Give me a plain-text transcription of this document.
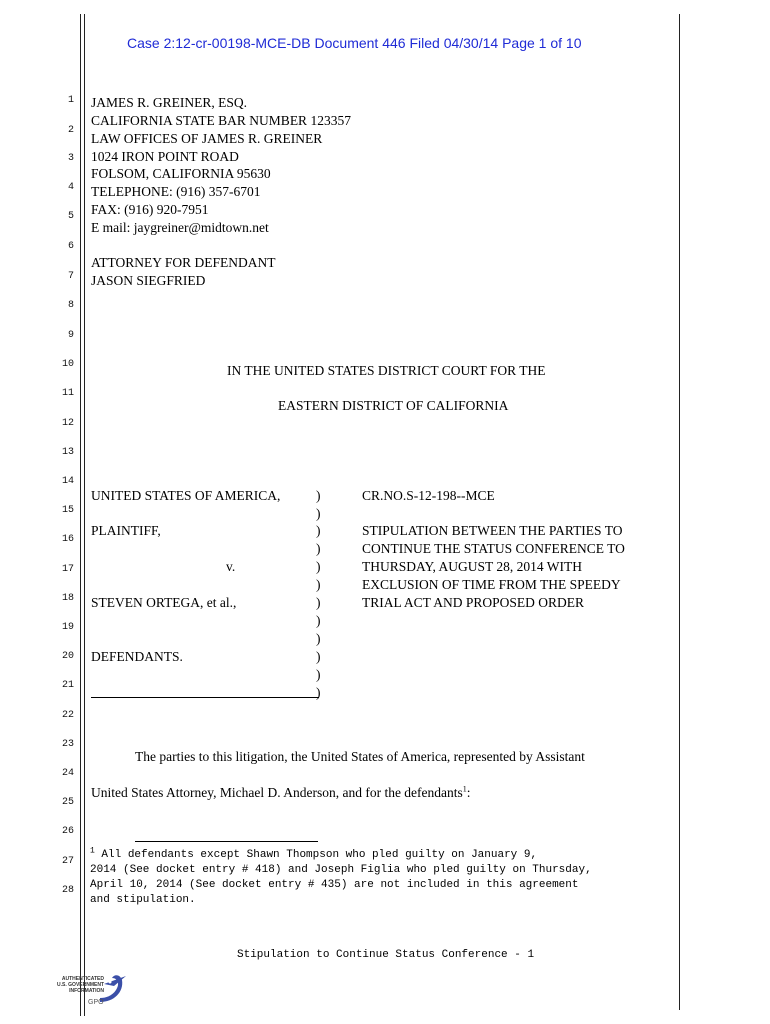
Case 2:12-cr-00198-MCE-DB Document 446 Filed 04/30/14 Page 1 of 10
1
2
3
4
5
6
7
8
9
10
11
12
13
14
15
16
17
18
19
20
21
22
23
24
25
26
27
28
JAMES R. GREINER, ESQ.
CALIFORNIA STATE BAR NUMBER 123357
LAW OFFICES OF JAMES R. GREINER
1024 IRON POINT ROAD
FOLSOM, CALIFORNIA 95630
TELEPHONE: (916) 357-6701
FAX: (916) 920-7951
E mail: jaygreiner@midtown.net
ATTORNEY FOR DEFENDANT
JASON SIEGFRIED
IN THE UNITED STATES DISTRICT COURT FOR THE
EASTERN DISTRICT OF CALIFORNIA
UNITED STATES OF AMERICA,
PLAINTIFF,
v.
STEVEN ORTEGA, et al.,
DEFENDANTS.
)
)
)
)
)
)
)
)
)
)
)
)
CR.NO.S-12-198--MCE
STIPULATION BETWEEN THE PARTIES TO
CONTINUE THE STATUS CONFERENCE TO
THURSDAY, AUGUST 28, 2014 WITH
EXCLUSION OF TIME FROM THE SPEEDY
TRIAL ACT AND PROPOSED ORDER
The parties to this litigation, the United States of America, represented by Assistant
United States Attorney, Michael D. Anderson, and for the defendants$^1$:
$^1$ All defendants except Shawn Thompson who pled guilty on January 9,
2014 (See docket entry # 418) and Joseph Figlia who pled guilty on Thursday,
April 10, 2014 (See docket entry # 435) are not included in this agreement
and stipulation.
Stipulation to Continue Status Conference - 1
AUTHENTICATED
U.S. GOVERNMENT
INFORMATION
GPO
